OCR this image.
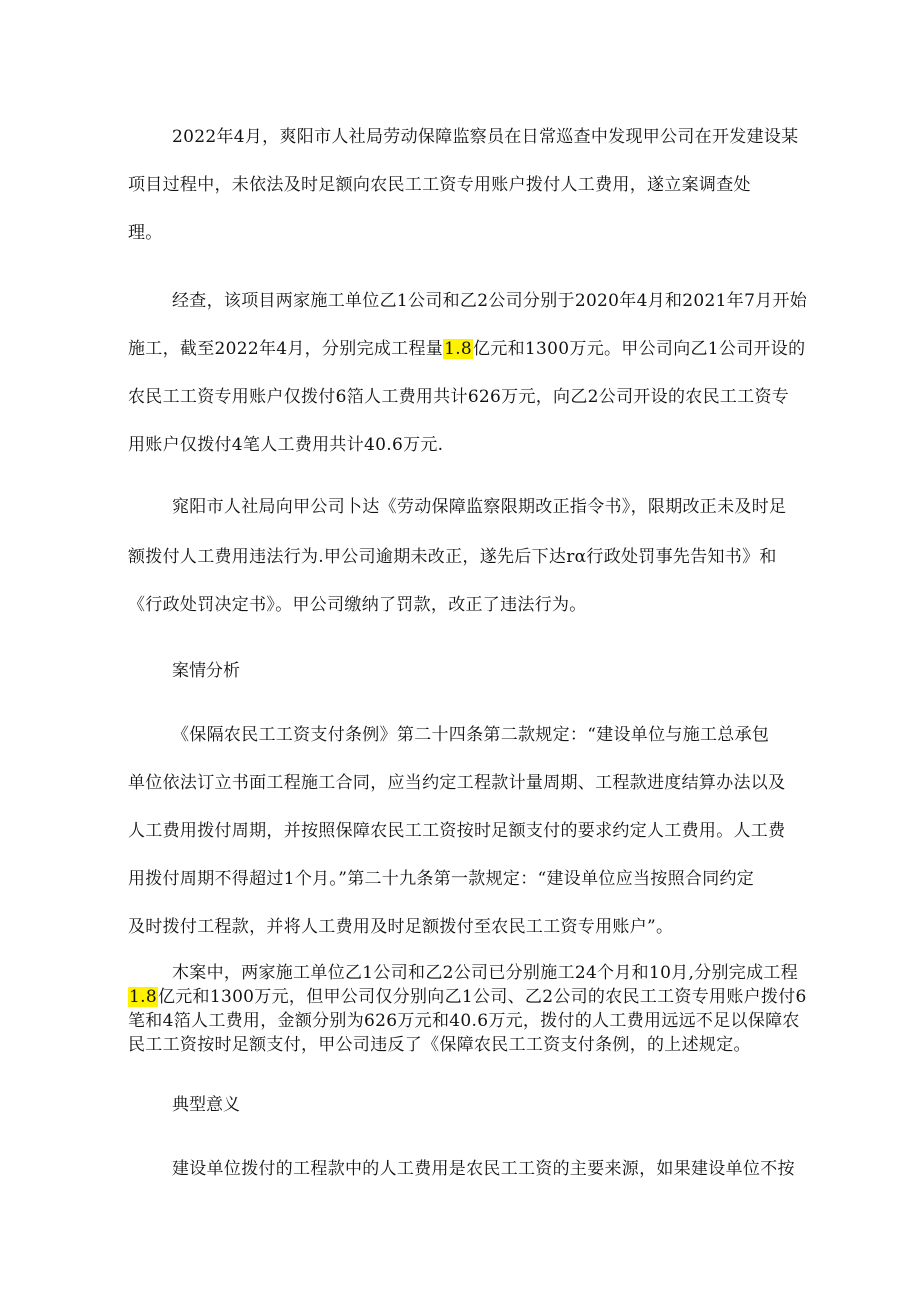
2022年4月，爽阳市人社局劳动保障监察员在日常巡查中发现甲公司在开发建设某
项目过程中，未依法及时足额向农民工工资专用账户拨付人工费用，遂立案调查处
理。
经查，该项目两家施工单位乙1公司和乙2公司分别于2020年4月和2021年7月开始
施工，截至2022年4月，分别完成工程量1.8亿元和1300万元。甲公司向乙1公司开设的
农民工工资专用账户仅拨付6箔人工费用共计626万元，向乙2公司开设的农民工工资专
用账户仅拨付4笔人工费用共计40.6万元.
窕阳市人社局向甲公司卜达《劳动保障监察限期改正指令书》，限期改正未及时足
额拨付人工费用违法行为.甲公司逾期未改正，遂先后下达rα行政处罚事先告知书》和
《行政处罚决定书》。甲公司缴纳了罚款，改正了违法行为。
案情分析
《保隔农民工工资支付条例》第二十四条第二款规定：“建设单位与施工总承包
单位依法订立书面工程施工合同，应当约定工程款计量周期、工程款进度结算办法以及
人工费用拨付周期，并按照保障农民工工资按时足额支付的要求约定人工费用。人工费
用拨付周期不得超过1个月。”第二十九条第一款规定：“建设单位应当按照合同约定
及时拨付工程款，并将人工费用及时足额拨付至农民工工资专用账户”。
木案中，两家施工单位乙1公司和乙2公司已分别施工24个月和10月,分别完成工程
1.8亿元和1300万元，但甲公司仅分别向乙1公司、乙2公司的农民工工资专用账户拨付6
笔和4箔人工费用，金额分别为626万元和40.6万元，拨付的人工费用远远不足以保障农
民工工资按时足额支付，甲公司违反了《保障农民工工资支付条例，的上述规定。
典型意义
建设单位拨付的工程款中的人工费用是农民工工资的主要来源，如果建设单位不按
